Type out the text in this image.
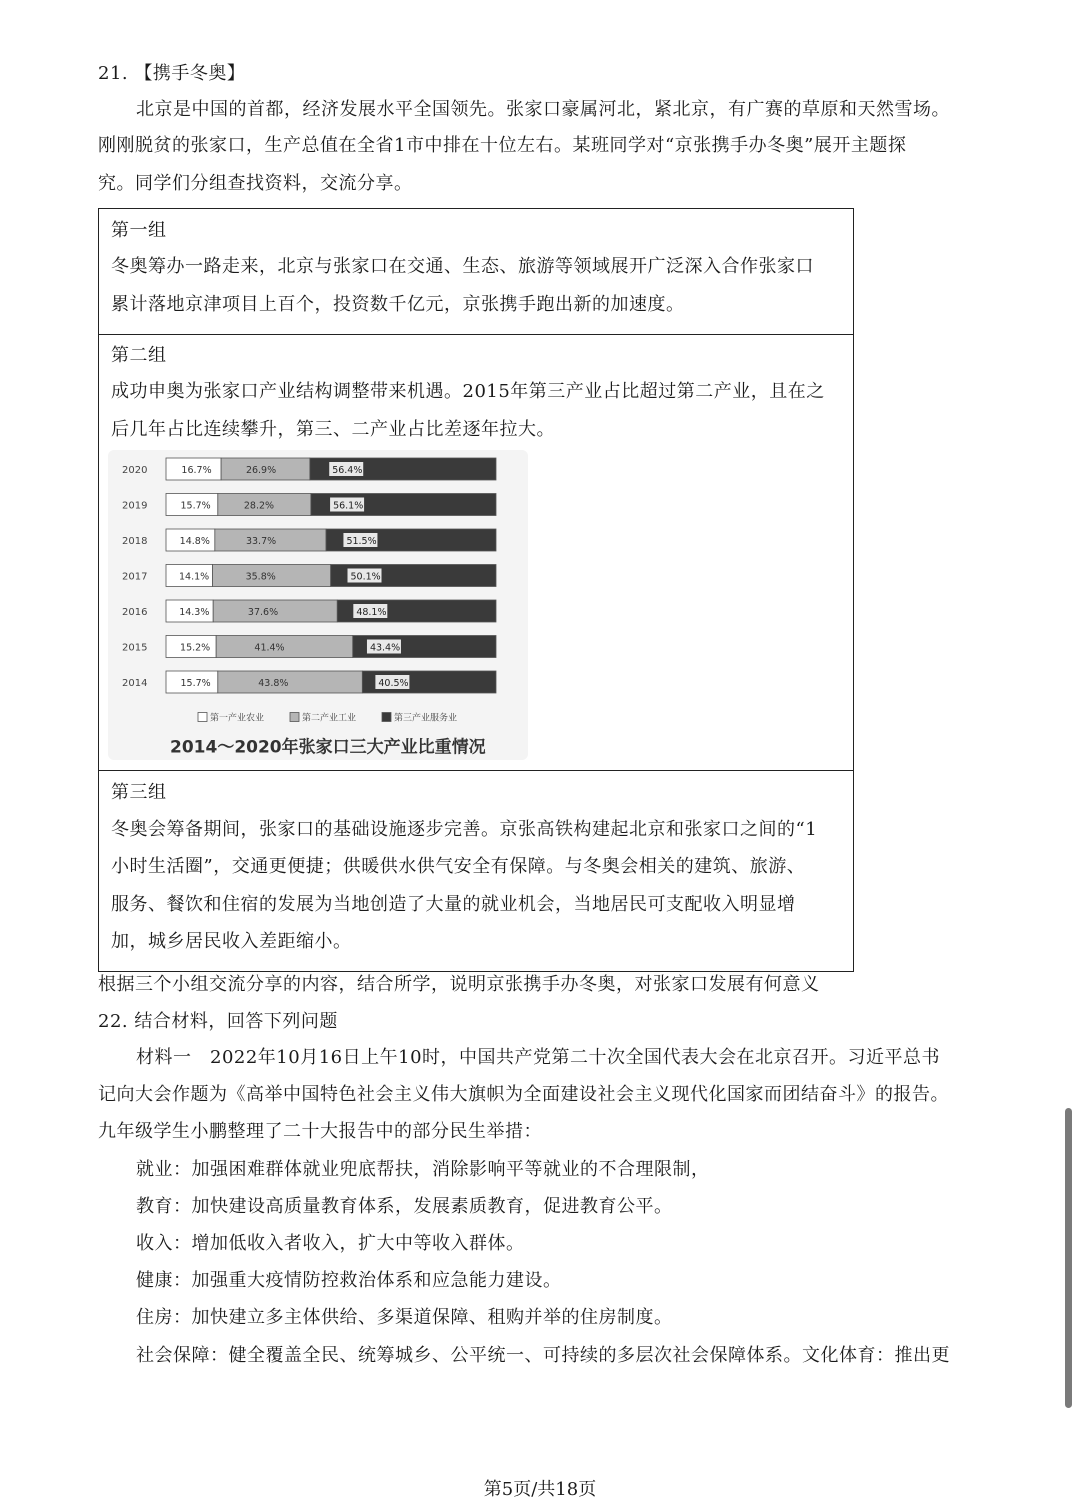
21. 【携手冬奥】
北京是中国的首都，经济发展水平全国领先。张家口豪属河北，紧北京，有广赛的草原和天然雪场。
刚刚脱贫的张家口，生产总值在全省1市中排在十位左右。某班同学对“京张携手办冬奥”展开主题探
究。同学们分组查找资料，交流分享。
第一组
冬奥筹办一路走来，北京与张家口在交通、生态、旅游等领域展开广泛深入合作张家口
累计落地京津项目上百个，投资数千亿元，京张携手跑出新的加速度。
第二组
成功申奥为张家口产业结构调整带来机遇。2015年第三产业占比超过第二产业，且在之
后几年占比连续攀升，第三、二产业占比差逐年拉大。
第三组
冬奥会筹备期间，张家口的基础设施逐步完善。京张高铁构建起北京和张家口之间的“1
小时生活圈”，交通更便捷；供暖供水供气安全有保障。与冬奥会相关的建筑、旅游、
服务、餐饮和住宿的发展为当地创造了大量的就业机会，当地居民可支配收入明显增
加，城乡居民收入差距缩小。
2020	16.7%	26.9%	56.4%
2019	15.7%	28.2%	56.1%
2018	14.8%	33.7%	51.5%
2017	14.1%	35.8%	50.1%
2016	14.3%	37.6%	48.1%
2015	15.2%	41.4%	43.4%
2014	15.7%	43.8%	40.5%
第一产业农业	第二产业工业	第三产业服务业
2014～2020年张家口三大产业比重情况
根据三个小组交流分享的内容，结合所学，说明京张携手办冬奥，对张家口发展有何意义
22. 结合材料，回答下列问题
材料一　2022年10月16日上午10时，中国共产党第二十次全国代表大会在北京召开。习近平总书
记向大会作题为《高举中国特色社会主义伟大旗帜为全面建设社会主义现代化国家而团结奋斗》的报告。
九年级学生小鹏整理了二十大报告中的部分民生举措：
就业：加强困难群体就业兜底帮扶，消除影响平等就业的不合理限制，
教育：加快建设高质量教育体系，发展素质教育，促进教育公平。
收入：增加低收入者收入，扩大中等收入群体。
健康：加强重大疫情防控救治体系和应急能力建设。
住房：加快建立多主体供给、多渠道保障、租购并举的住房制度。
社会保障：健全覆盖全民、统筹城乡、公平统一、可持续的多层次社会保障体系。文化体育：推出更
第5页/共18页
